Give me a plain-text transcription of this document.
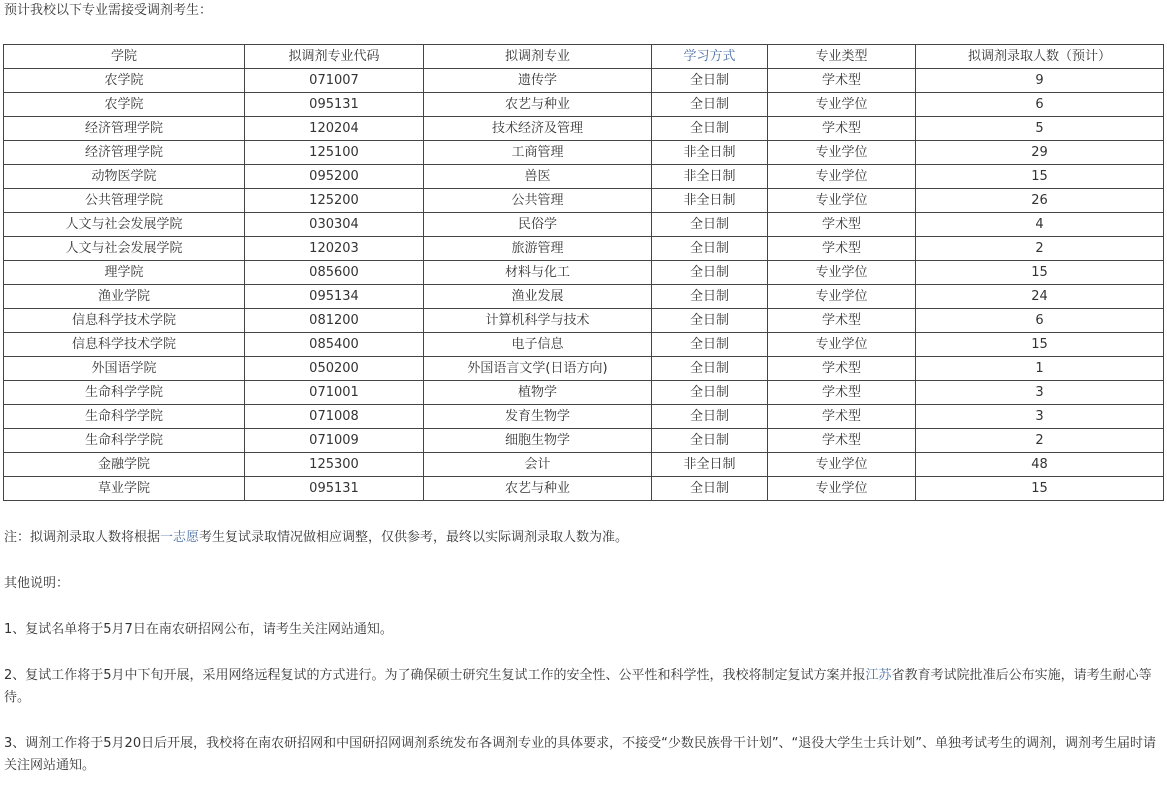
预计我校以下专业需接受调剂考生：

学院	拟调剂专业代码	拟调剂专业	学习方式	专业类型	拟调剂录取人数（预计）
农学院	071007	遗传学	全日制	学术型	9
农学院	095131	农艺与种业	全日制	专业学位	6
经济管理学院	120204	技术经济及管理	全日制	学术型	5
经济管理学院	125100	工商管理	非全日制	专业学位	29
动物医学院	095200	兽医	非全日制	专业学位	15
公共管理学院	125200	公共管理	非全日制	专业学位	26
人文与社会发展学院	030304	民俗学	全日制	学术型	4
人文与社会发展学院	120203	旅游管理	全日制	学术型	2
理学院	085600	材料与化工	全日制	专业学位	15
渔业学院	095134	渔业发展	全日制	专业学位	24
信息科学技术学院	081200	计算机科学与技术	全日制	学术型	6
信息科学技术学院	085400	电子信息	全日制	专业学位	15
外国语学院	050200	外国语言文学(日语方向)	全日制	学术型	1
生命科学学院	071001	植物学	全日制	学术型	3
生命科学学院	071008	发育生物学	全日制	学术型	3
生命科学学院	071009	细胞生物学	全日制	学术型	2
金融学院	125300	会计	非全日制	专业学位	48
草业学院	095131	农艺与种业	全日制	专业学位	15

注：拟调剂录取人数将根据一志愿考生复试录取情况做相应调整，仅供参考，最终以实际调剂录取人数为准。

其他说明：

1、复试名单将于5月7日在南农研招网公布，请考生关注网站通知。

2、复试工作将于5月中下旬开展，采用网络远程复试的方式进行。为了确保硕士研究生复试工作的安全性、公平性和科学性，我校将制定复试方案并报江苏省教育考试院批准后公布实施，请考生耐心等待。

3、调剂工作将于5月20日后开展，我校将在南农研招网和中国研招网调剂系统发布各调剂专业的具体要求，不接受“少数民族骨干计划”、“退役大学生士兵计划”、单独考试考生的调剂，调剂考生届时请关注网站通知。
